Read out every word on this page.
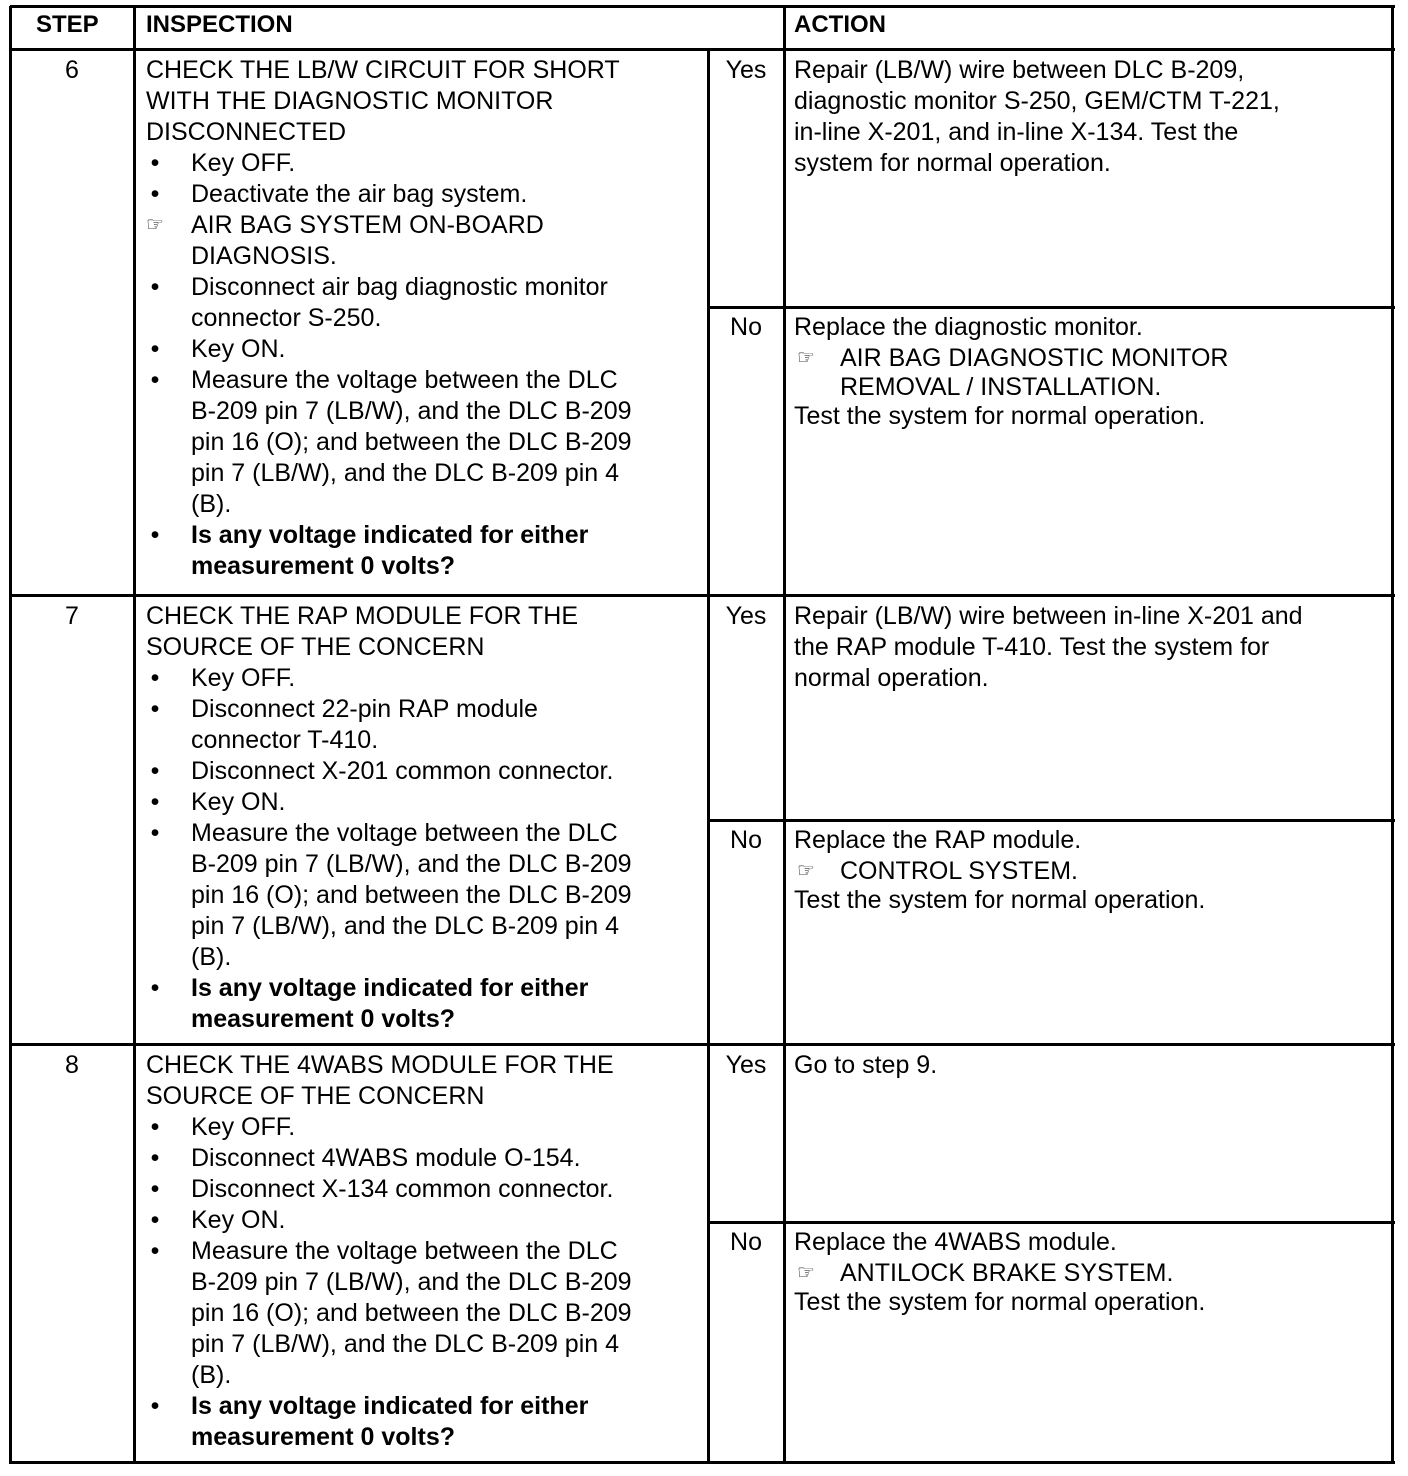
STEP INSPECTION	ACTION
6	CHECK THE LB/W CIRCUIT FOR SHORT
WITH THE DIAGNOSTIC MONITOR
DISCONNECTED
• Key OFF.
• Deactivate the air bag system.
☞ AIR BAG SYSTEM ON-BOARD
DIAGNOSIS.
• Disconnect air bag diagnostic monitor
connector S-250.
• Key ON.
• Measure the voltage between the DLC
B-209 pin 7 (LB/W), and the DLC B-209
pin 16 (O); and between the DLC B-209
pin 7 (LB/W), and the DLC B-209 pin 4
(B).
• Is any voltage indicated for either
measurement 0 volts?
Yes	Repair (LB/W) wire between DLC B-209,
diagnostic monitor S-250, GEM/CTM T-221,
in-line X-201, and in-line X-134. Test the
system for normal operation.
No	Replace the diagnostic monitor.
☞ AIR BAG DIAGNOSTIC MONITOR
REMOVAL / INSTALLATION.
Test the system for normal operation.
7	CHECK THE RAP MODULE FOR THE
SOURCE OF THE CONCERN
• Key OFF.
• Disconnect 22-pin RAP module
connector T-410.
• Disconnect X-201 common connector.
• Key ON.
• Measure the voltage between the DLC
B-209 pin 7 (LB/W), and the DLC B-209
pin 16 (O); and between the DLC B-209
pin 7 (LB/W), and the DLC B-209 pin 4
(B).
• Is any voltage indicated for either
measurement 0 volts?
Yes	Repair (LB/W) wire between in-line X-201 and
the RAP module T-410. Test the system for
normal operation.
No	Replace the RAP module.
☞ CONTROL SYSTEM.
Test the system for normal operation.
8	CHECK THE 4WABS MODULE FOR THE
SOURCE OF THE CONCERN
• Key OFF.
• Disconnect 4WABS module O-154.
• Disconnect X-134 common connector.
• Key ON.
• Measure the voltage between the DLC
B-209 pin 7 (LB/W), and the DLC B-209
pin 16 (O); and between the DLC B-209
pin 7 (LB/W), and the DLC B-209 pin 4
(B).
• Is any voltage indicated for either
measurement 0 volts?
Yes	Go to step 9.
No	Replace the 4WABS module.
☞ ANTILOCK BRAKE SYSTEM.
Test the system for normal operation.
